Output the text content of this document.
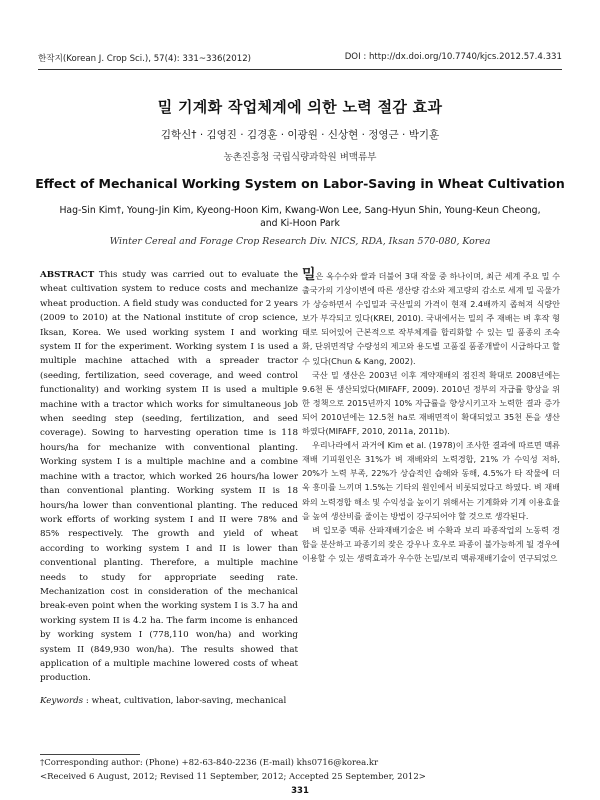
한작지(Korean J. Crop Sci.), 57(4): 331~336(2012)	DOI : http://dx.doi.org/10.7740/kjcs.2012.57.4.331
밀 기계화 작업체계에 의한 노력 절감 효과
김학신† · 김영진 · 김경훈 · 이광원 · 신상현 · 정영근 · 박기훈
농촌진흥청 국립식량과학원 벼맥류부
Effect of Mechanical Working System on Labor-Saving in Wheat Cultivation
Hag-Sin Kim†, Young-Jin Kim, Kyeong-Hoon Kim, Kwang-Won Lee, Sang-Hyun Shin, Young-Keun Cheong, and Ki-Hoon Park
Winter Cereal and Forage Crop Research Div. NICS, RDA, Iksan 570-080, Korea

ABSTRACT This study was carried out to evaluate the wheat cultivation system to reduce costs and mechanize wheat production. A field study was conducted for 2 years (2009 to 2010) at the National institute of crop science, Iksan, Korea. We used working system I and working system II for the experiment. Working system I is used a multiple machine attached with a spreader tractor (seeding, fertilization, seed coverage, and weed control functionality) and working system II is used a multiple machine with a tractor which works for simultaneous job when seeding step (seeding, fertilization, and seed coverage). Sowing to harvesting operation time is 118 hours/ha for mechanize with conventional planting. Working system I is a multiple machine and a combine machine with a tractor, which worked 26 hours/ha lower than conventional planting. Working system II is 18 hours/ha lower than conventional planting. The reduced work efforts of working system I and II were 78% and 85% respectively. The growth and yield of wheat according to working system I and II is lower than conventional planting. Therefore, a multiple machine needs to study for appropriate seeding rate. Mechanization cost in consideration of the mechanical break-even point when the working system I is 3.7 ha and working system II is 4.2 ha. The farm income is enhanced by working system I (778,110 won/ha) and working system II (849,930 won/ha). The results showed that application of a multiple machine lowered costs of wheat production.

Keywords : wheat, cultivation, labor-saving, mechanical

밀은 옥수수와 쌀과 더불어 3대 작물 중 하나이며, 최근 세계 주요 밀 수출국가의 기상이변에 따른 생산량 감소와 제고량의 감소로 세계 밀 곡물가가 상승하면서 수입밀과 국산밀의 가격이 현재 2.4배까지 좁혀져 식량안보가 부각되고 있다(KREI, 2010). 국내에서는 밀의 주 재배는 벼 후작 형태로 되어있어 근본적으로 작부체계를 합리화할 수 있는 밀 품종의 조숙화, 단위면적당 수량성의 제고와 용도별 고품질 품종개발이 시급하다고 할 수 있다(Chun & Kang, 2002).

국산 밀 생산은 2003년 이후 계약재배의 점진적 확대로 2008년에는 9.6천 톤 생산되었다(MIFAFF, 2009). 2010년 정부의 자급률 향상을 위한 정책으로 2015년까지 10% 자급률을 향상시키고자 노력한 결과 증가되어 2010년에는 12.5천 ha로 재배면적이 확대되었고 35천 톤을 생산하였다(MIFAFF, 2010, 2011a, 2011b).

우리나라에서 과거에 Kim et al. (1978)이 조사한 결과에 따르면 맥류재배 기피원인은 31%가 벼 재배와의 노력경합, 21% 가 수익성 저하, 20%가 노력 부족, 22%가 상습적인 습해와 동해, 4.5%가 타 작물에 더욱 흥미를 느끼며 1.5%는 기타의 원인에서 비롯되었다고 하였다. 벼 재배와의 노력경합 해소 및 수익성을 높이기 위해서는 기계화와 기계 이용효율을 높여 생산비를 줄이는 방법이 강구되어야 할 것으로 생각된다.

벼 입모중 맥류 산파재배기술은 벼 수확과 보리 파종작업의 노동력 경합을 분산하고 파종기의 잦은 강우나 호우로 파종이 불가능하게 될 경우에 이용할 수 있는 생력효과가 우수한 논밀/보리 맥류재배기술이 연구되었으

†Corresponding author: (Phone) +82-63-840-2236 (E-mail) khs0716@korea.kr
<Received 6 August, 2012; Revised 11 September, 2012; Accepted 25 September, 2012>
331
